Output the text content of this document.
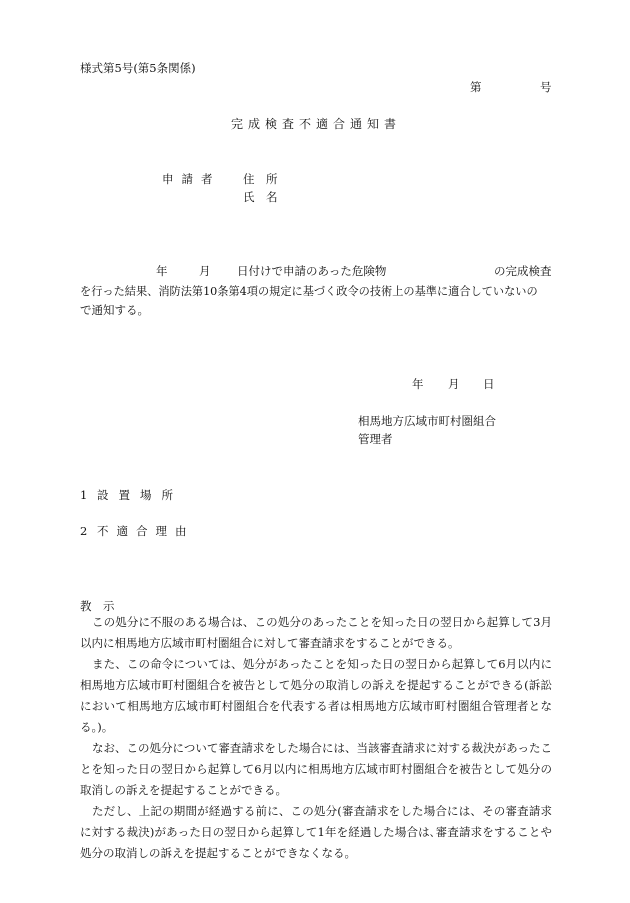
様式第5号(第5条関係)
第	号
完成検査不適合通知書
申請者 住　所
氏　名
年	月 日付けで申請のあった危険物	の完成検査
を行った結果、消防法第10条第4項の規定に基づく政令の技術上の基準に適合していないの
で通知する。
年 月 日
相馬地方広域市町村圏組合
管理者
1 設置場所
2 不適合理由
教　示

この処分に不服のある場合は、この処分のあったことを知った日の翌日から起算して3月以内に相馬地方広域市町村圏組合に対して審査請求をすることができる。

また、この命令については、処分があったことを知った日の翌日から起算して6月以内に相馬地方広域市町村圏組合を被告として処分の取消しの訴えを提起することができる(訴訟において相馬地方広域市町村圏組合を代表する者は相馬地方広域市町村圏組合管理者となる。)。

なお、この処分について審査請求をした場合には、当該審査請求に対する裁決があったことを知った日の翌日から起算して6月以内に相馬地方広域市町村圏組合を被告として処分の取消しの訴えを提起することができる。

ただし、上記の期間が経過する前に、この処分(審査請求をした場合には、その審査請求に対する裁決)があった日の翌日から起算して1年を経過した場合は､審査請求をすることや処分の取消しの訴えを提起することができなくなる。
